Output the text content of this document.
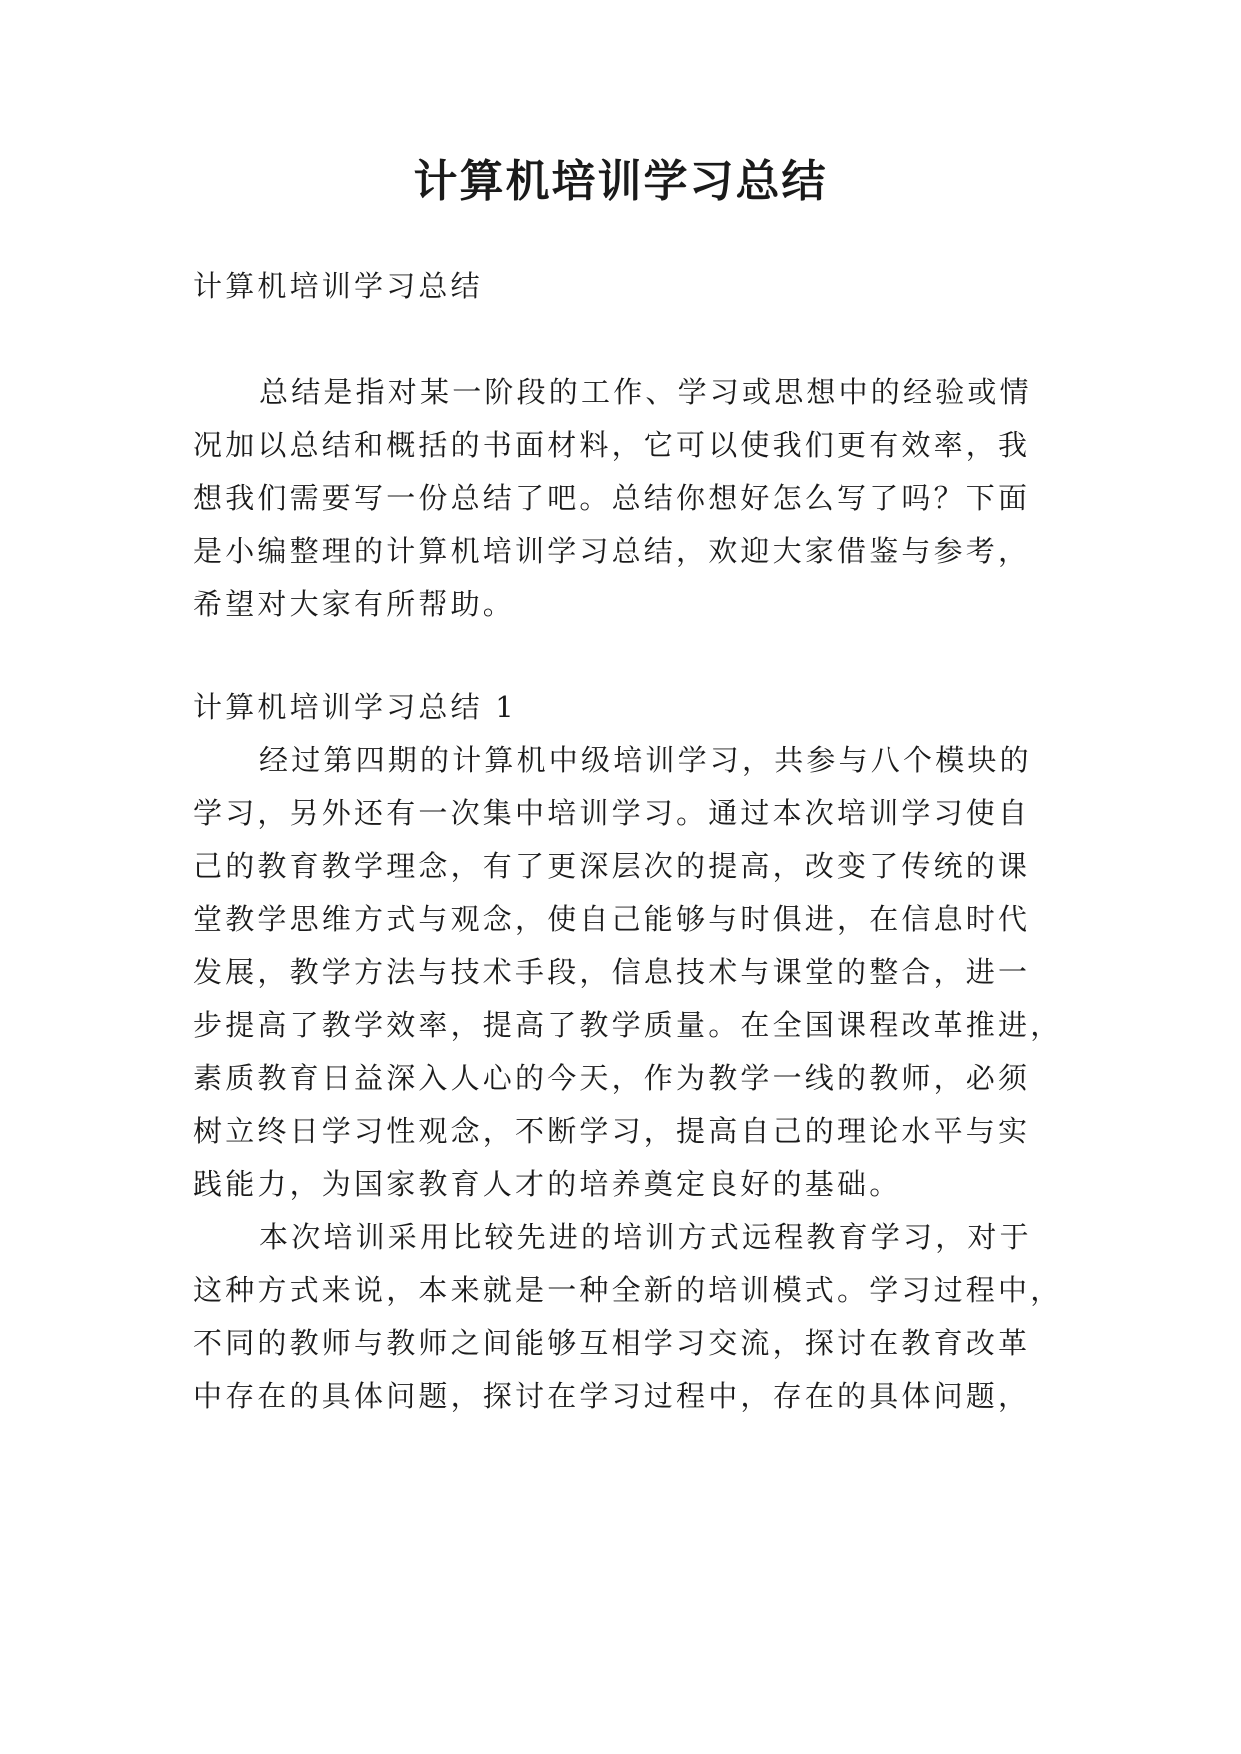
计算机培训学习总结

计算机培训学习总结

总结是指对某一阶段的工作、学习或思想中的经验或情

况加以总结和概括的书面材料，它可以使我们更有效率，我

想我们需要写一份总结了吧。总结你想好怎么写了吗？下面

是小编整理的计算机培训学习总结，欢迎大家借鉴与参考，

希望对大家有所帮助。

计算机培训学习总结 1

经过第四期的计算机中级培训学习，共参与八个模块的

学习，另外还有一次集中培训学习。通过本次培训学习使自

己的教育教学理念，有了更深层次的提高，改变了传统的课

堂教学思维方式与观念，使自己能够与时俱进，在信息时代

发展，教学方法与技术手段，信息技术与课堂的整合，进一

步提高了教学效率，提高了教学质量。在全国课程改革推进，

素质教育日益深入人心的今天，作为教学一线的教师，必须

树立终日学习性观念，不断学习，提高自己的理论水平与实

践能力，为国家教育人才的培养奠定良好的基础。

本次培训采用比较先进的培训方式远程教育学习，对于

这种方式来说，本来就是一种全新的培训模式。学习过程中，

不同的教师与教师之间能够互相学习交流，探讨在教育改革

中存在的具体问题，探讨在学习过程中，存在的具体问题，
